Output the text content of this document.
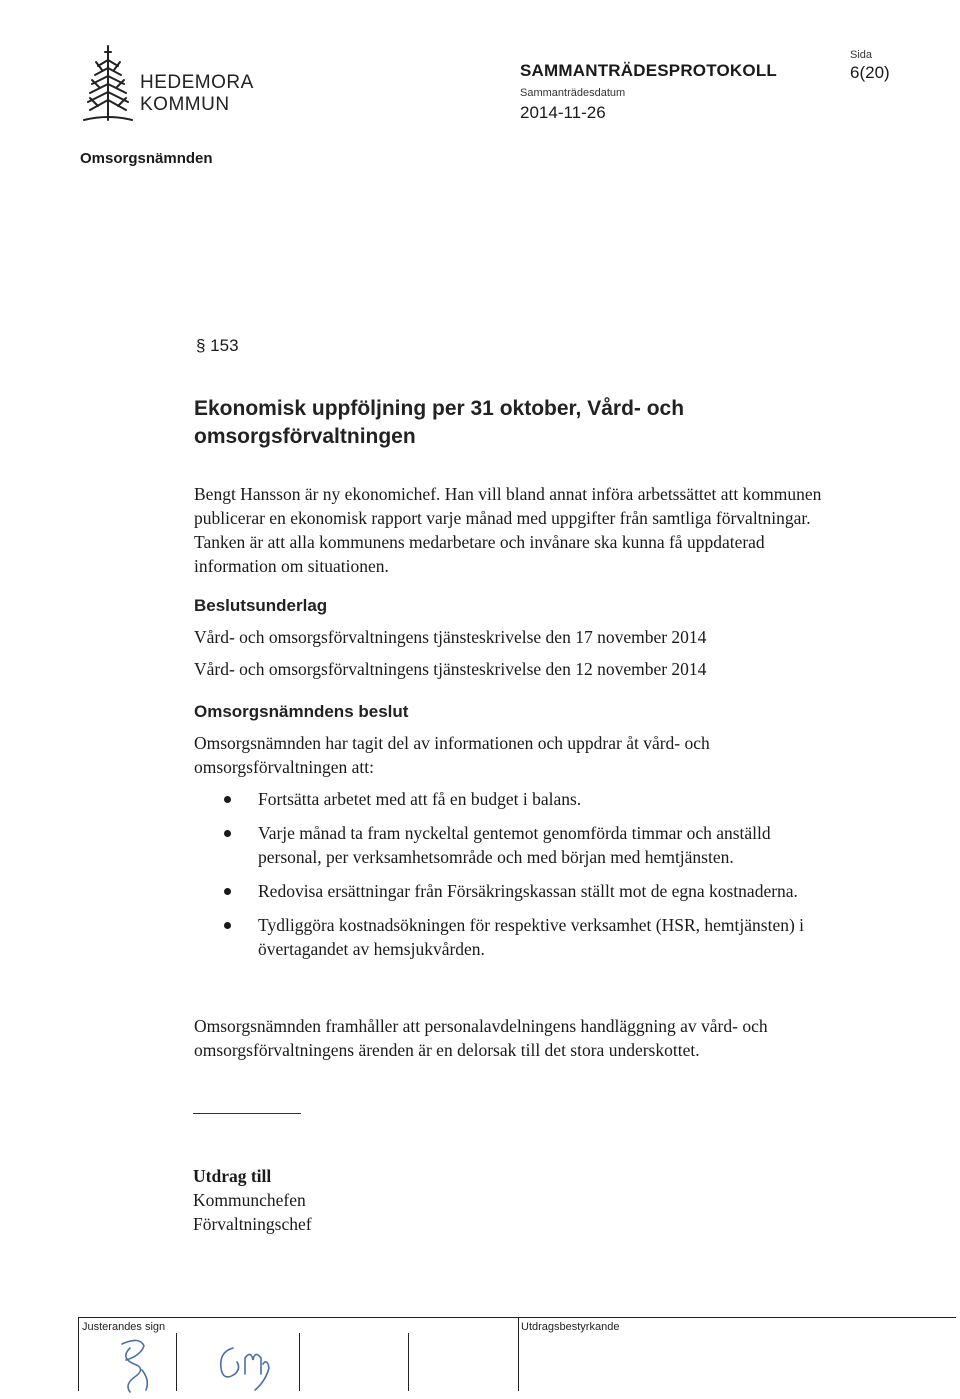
HEDEMORA
KOMMUN
SAMMANTRÄDESPROTOKOLL
Sammanträdesdatum
2014-11-26
Sida
6(20)
Omsorgsnämnden
§ 153
Ekonomisk uppföljning per 31 oktober, Vård- och omsorgsförvaltningen
Bengt Hansson är ny ekonomichef. Han vill bland annat införa arbetssättet att kommunen publicerar en ekonomisk rapport varje månad med uppgifter från samtliga förvaltningar. Tanken är att alla kommunens medarbetare och invånare ska kunna få uppdaterad information om situationen.
Beslutsunderlag
Vård- och omsorgsförvaltningens tjänsteskrivelse den 17 november 2014
Vård- och omsorgsförvaltningens tjänsteskrivelse den 12 november 2014
Omsorgsnämndens beslut
Omsorgsnämnden har tagit del av informationen och uppdrar åt vård- och omsorgsförvaltningen att:
Fortsätta arbetet med att få en budget i balans.
Varje månad ta fram nyckeltal gentemot genomförda timmar och anställd personal, per verksamhetsområde och med början med hemtjänsten.
Redovisa ersättningar från Försäkringskassan ställt mot de egna kostnaderna.
Tydliggöra kostnadsökningen för respektive verksamhet (HSR, hemtjänsten) i övertagandet av hemsjukvården.
Omsorgsnämnden framhåller att personalavdelningens handläggning av vård- och omsorgsförvaltningens ärenden är en delorsak till det stora underskottet.
Utdrag till
Kommunchefen
Förvaltningschef
Justerandes sign	Utdragsbestyrkande
